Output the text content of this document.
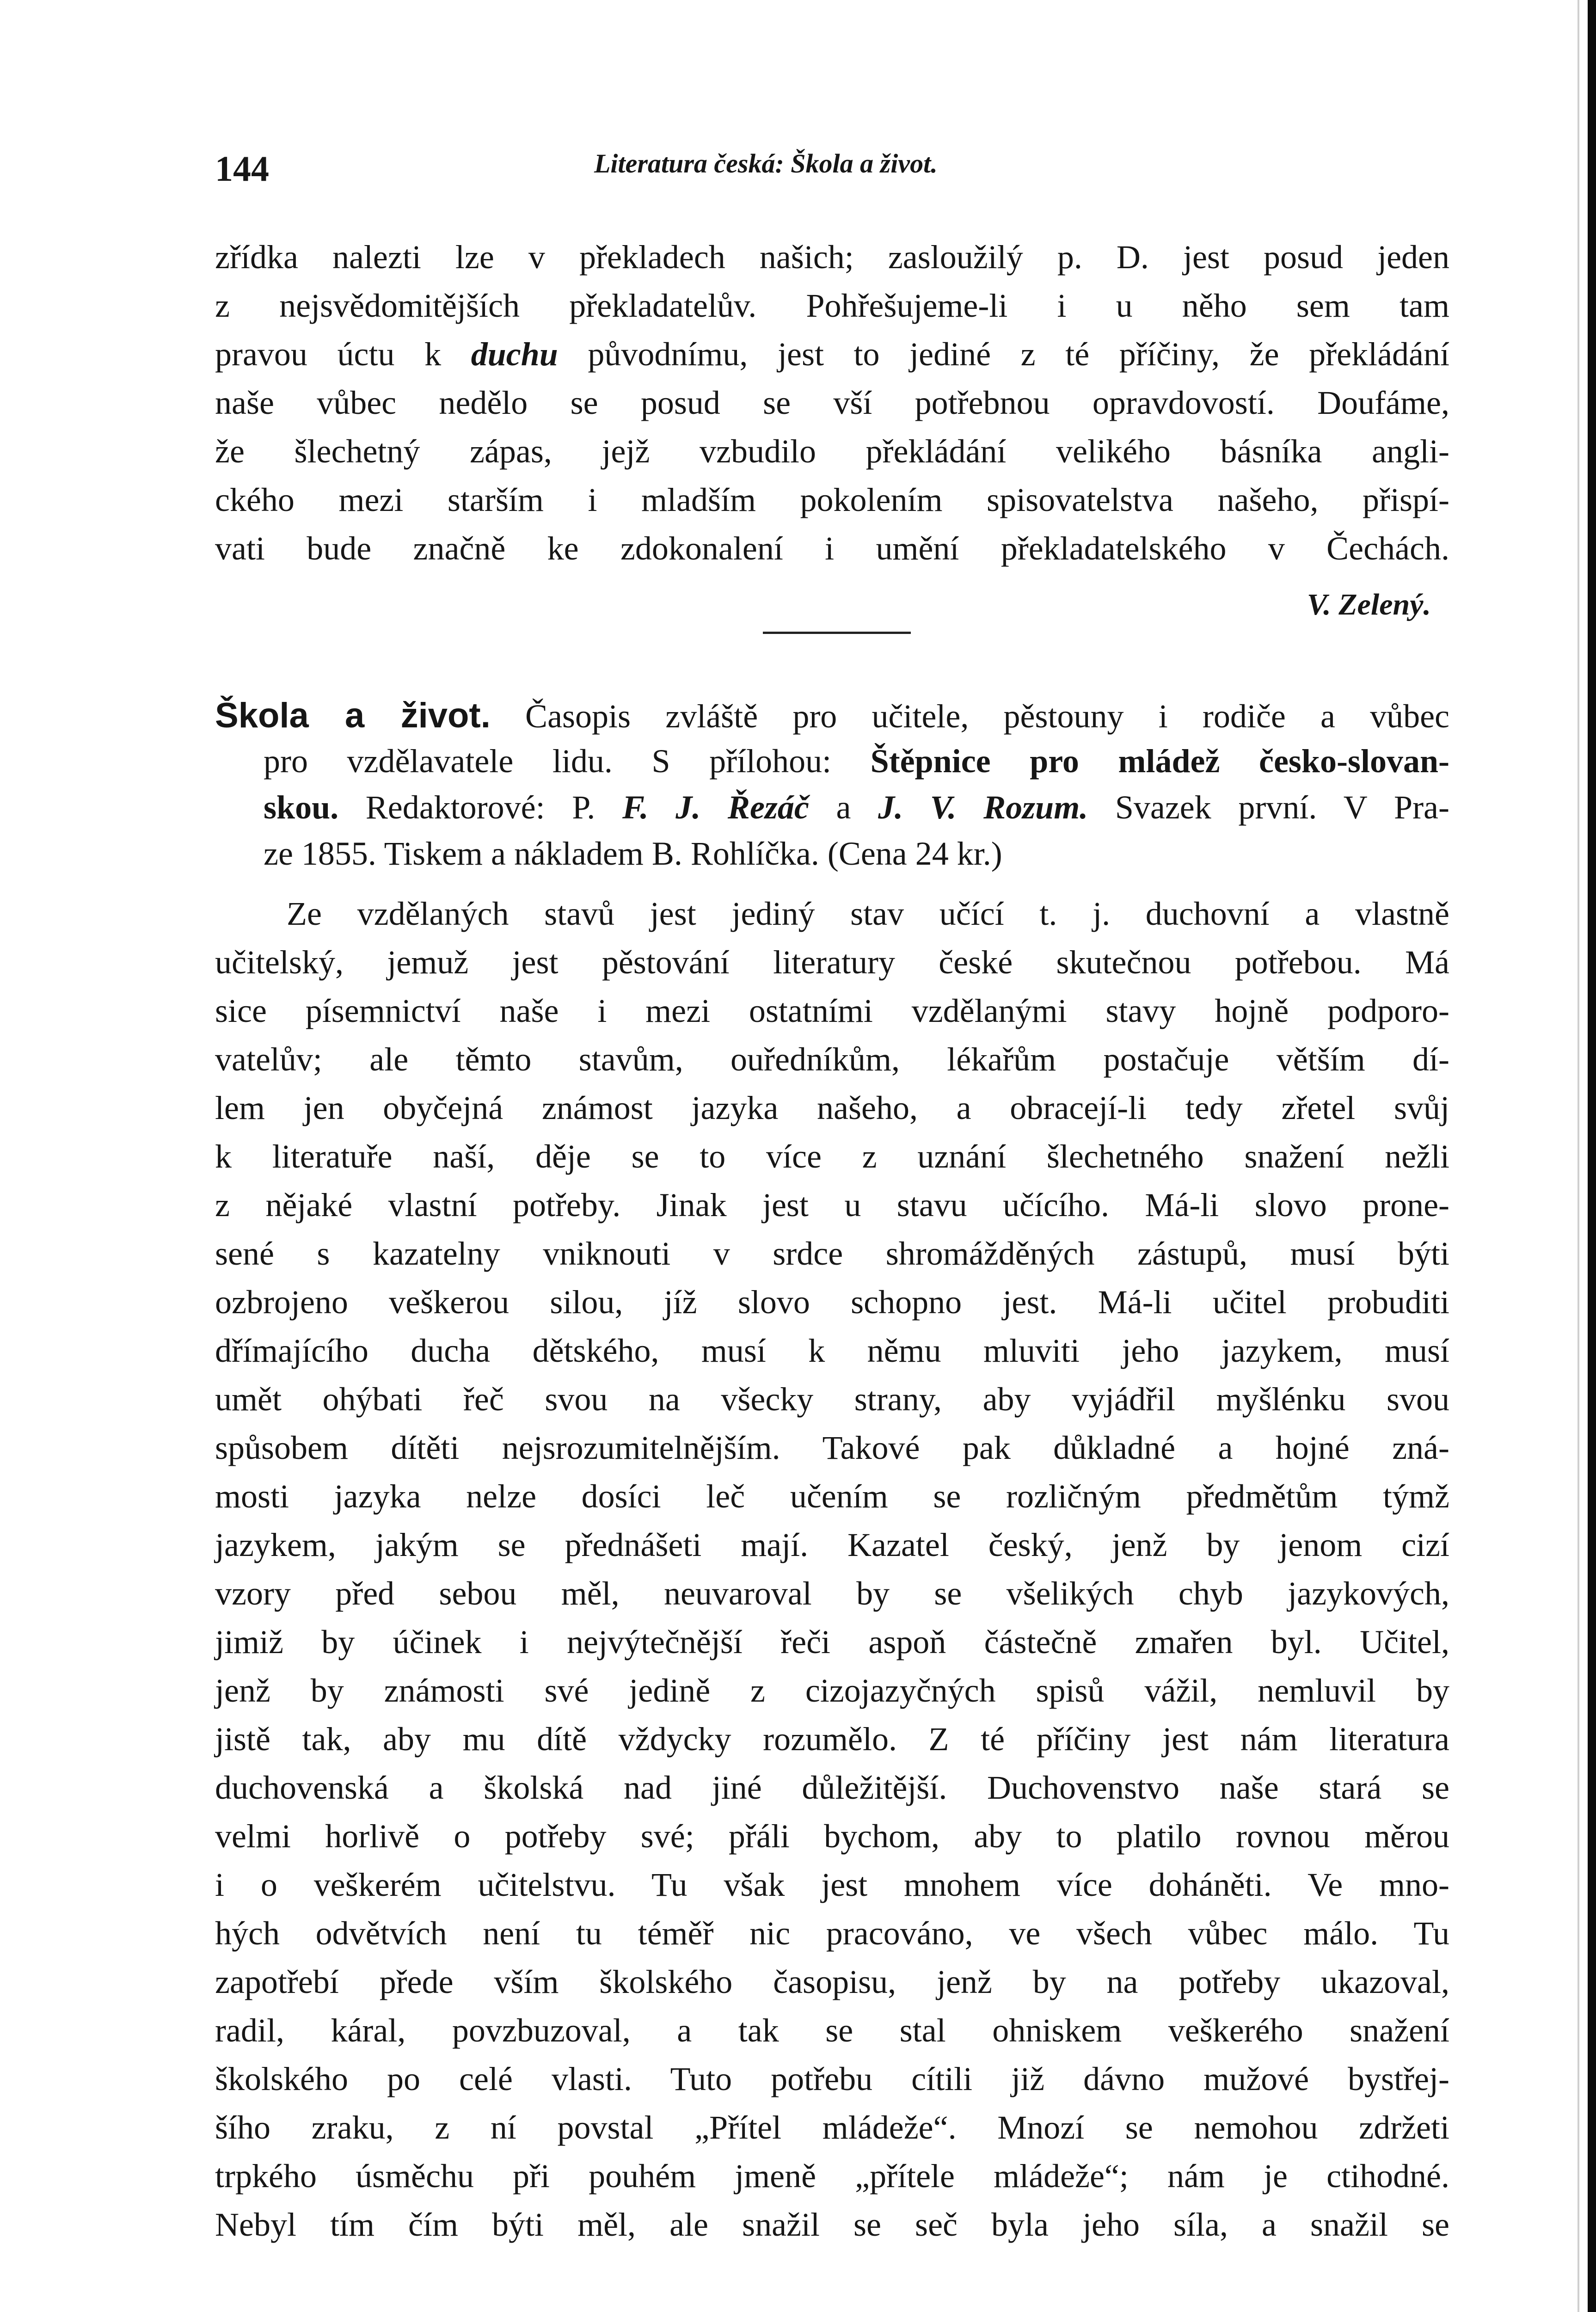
144	Literatura česká: Škola a život.
zřídka nalezti lze v překladech našich; zasloužilý p. D. jest posud jeden
z nejsvědomitějších překladatelův. Pohřešujeme-li i u něho sem tam
pravou úctu k duchu původnímu, jest to jediné z té příčiny, že překládání
naše vůbec nedělo se posud se vší potřebnou opravdovostí. Doufáme,
že šlechetný zápas, jejž vzbudilo překládání velikého básníka angli-
ckého mezi starším i mladším pokolením spisovatelstva našeho, přispí-
vati bude značně ke zdokonalení i umění překladatelského v Čechách.
V. Zelený.
Škola a život. Časopis zvláště pro učitele, pěstouny i rodiče a vůbec
pro vzdělavatele lidu. S přílohou: Štěpnice pro mládež česko-slovan-
skou. Redaktorové: P. F. J. Řezáč a J. V. Rozum. Svazek první. V Pra-
ze 1855. Tiskem a nákladem B. Rohlíčka. (Cena 24 kr.)
Ze vzdělaných stavů jest jediný stav učící t. j. duchovní a vlastně
učitelský, jemuž jest pěstování literatury české skutečnou potřebou. Má
sice písemnictví naše i mezi ostatními vzdělanými stavy hojně podporo-
vatelův; ale těmto stavům, ouředníkům, lékařům postačuje větším dí-
lem jen obyčejná známost jazyka našeho, a obracejí-li tedy zřetel svůj
k literatuře naší, děje se to více z uznání šlechetného snažení nežli
z nějaké vlastní potřeby. Jinak jest u stavu učícího. Má-li slovo prone-
sené s kazatelny vniknouti v srdce shromážděných zástupů, musí býti
ozbrojeno veškerou silou, jíž slovo schopno jest. Má-li učitel probuditi
dřímajícího ducha dětského, musí k němu mluviti jeho jazykem, musí
umět ohýbati řeč svou na všecky strany, aby vyjádřil myšlénku svou
spůsobem dítěti nejsrozumitelnějším. Takové pak důkladné a hojné zná-
mosti jazyka nelze dosíci leč učením se rozličným předmětům týmž
jazykem, jakým se přednášeti mají. Kazatel český, jenž by jenom cizí
vzory před sebou měl, neuvaroval by se všelikých chyb jazykových,
jimiž by účinek i nejvýtečnější řeči aspoň částečně zmařen byl. Učitel,
jenž by známosti své jedině z cizojazyčných spisů vážil, nemluvil by
jistě tak, aby mu dítě vždycky rozumělo. Z té příčiny jest nám literatura
duchovenská a školská nad jiné důležitější. Duchovenstvo naše stará se
velmi horlivě o potřeby své; přáli bychom, aby to platilo rovnou měrou
i o veškerém učitelstvu. Tu však jest mnohem více doháněti. Ve mno-
hých odvětvích není tu téměř nic pracováno, ve všech vůbec málo. Tu
zapotřebí přede vším školského časopisu, jenž by na potřeby ukazoval,
radil, káral, povzbuzoval, a tak se stal ohniskem veškerého snažení
školského po celé vlasti. Tuto potřebu cítili již dávno mužové bystřej-
šího zraku, z ní povstal „Přítel mládeže“. Mnozí se nemohou zdržeti
trpkého úsměchu při pouhém jmeně „přítele mládeže“; nám je ctihodné.
Nebyl tím čím býti měl, ale snažil se seč byla jeho síla, a snažil se
